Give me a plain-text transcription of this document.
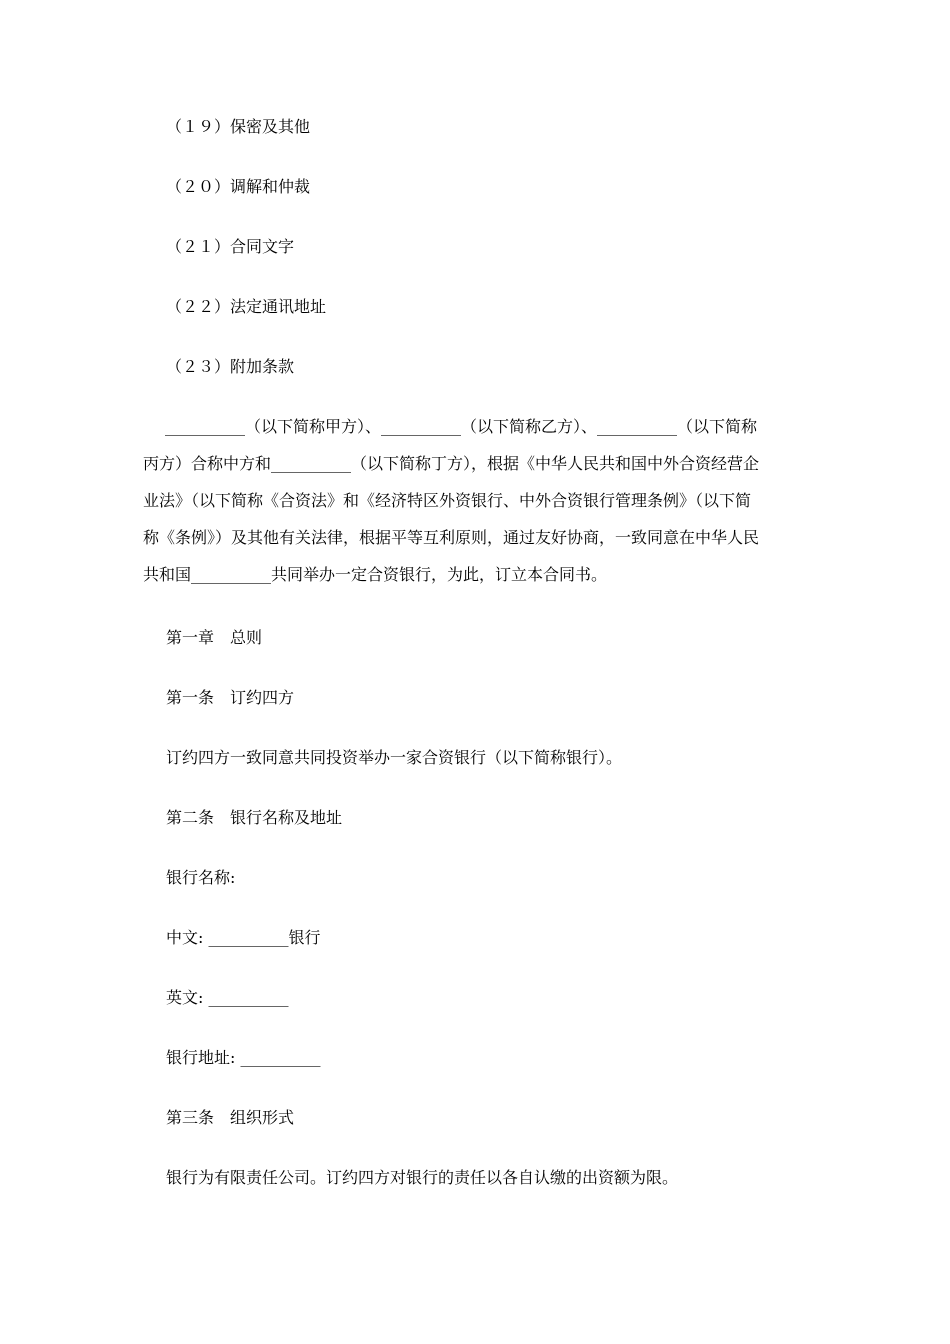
（１９）保密及其他
（２０）调解和仲裁
（２１）合同文字
（２２）法定通讯地址
（２３）附加条款
__________（以下简称甲方）、__________（以下简称乙方）、__________（以下简称
丙方）合称中方和__________（以下简称丁方），根据《中华人民共和国中外合资经营企
业法》（以下简称《合资法》和《经济特区外资银行、中外合资银行管理条例》（以下简
称《条例》）及其他有关法律，根据平等互利原则，通过友好协商，一致同意在中华人民
共和国__________共同举办一定合资银行，为此，订立本合同书。
第一章　总则
第一条　订约四方
订约四方一致同意共同投资举办一家合资银行（以下简称银行）。
第二条　银行名称及地址
银行名称:
中文: __________银行
英文: __________
银行地址: __________
第三条　组织形式
银行为有限责任公司。订约四方对银行的责任以各自认缴的出资额为限。
